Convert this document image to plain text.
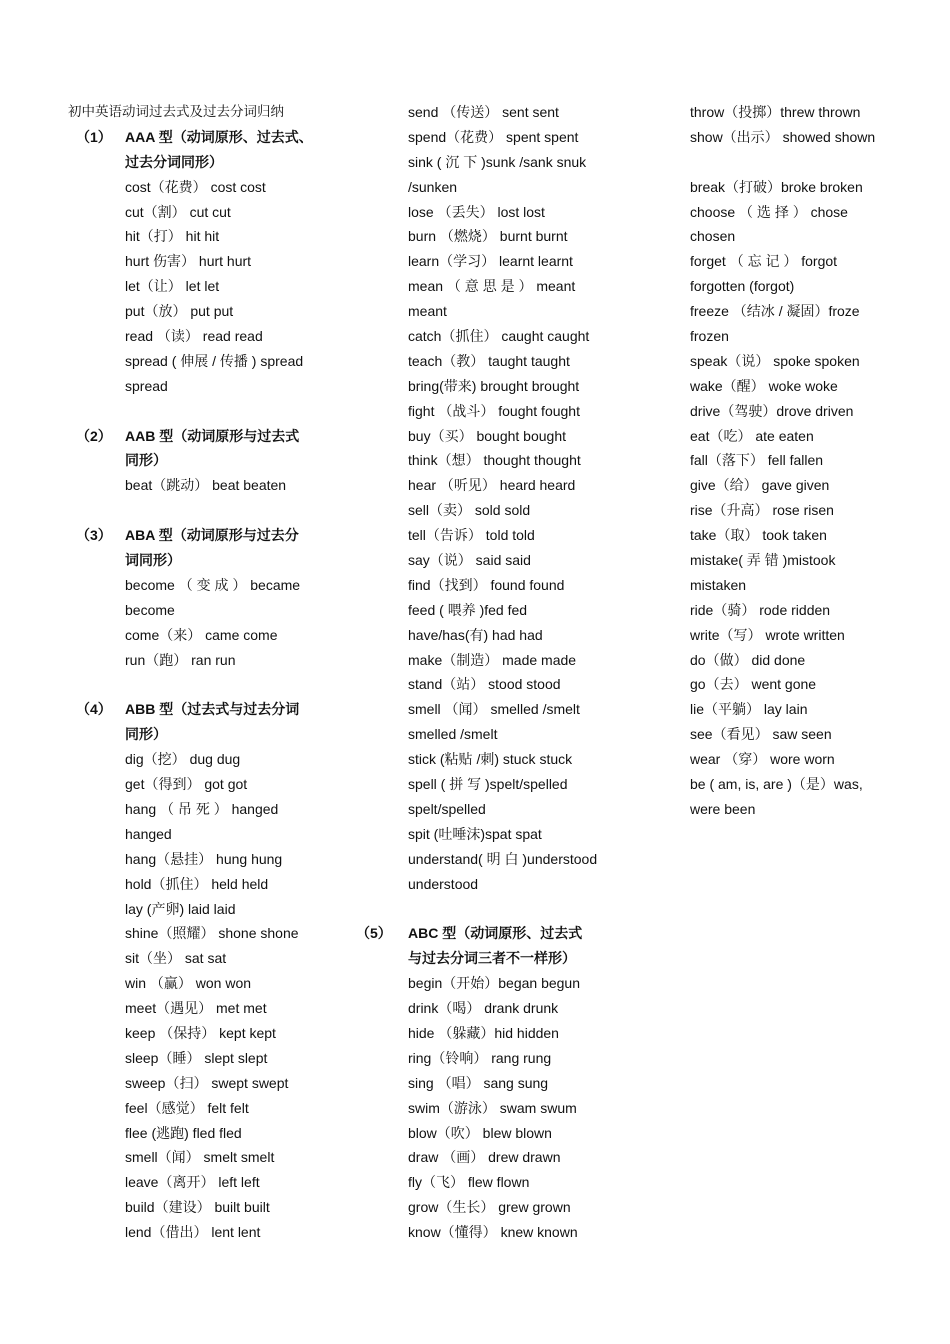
初中英语动词过去式及过去分词归纳
（1） AAA 型（动词原形、过去式、
过去分词同形）
cost（花费） cost cost
cut（割） cut cut
hit（打） hit hit
hurt 伤害） hurt hurt
let（让） let let
put（放） put put
read （读） read read
spread ( 伸展 / 传播 ) spread
spread
（2） AAB 型（动词原形与过去式
同形）
beat（跳动） beat beaten
（3） ABA 型（动词原形与过去分
词同形）
become （ 变 成 ） became
become
come（来） came come
run（跑） ran run
（4） ABB 型（过去式与过去分词
同形）
dig（挖） dug dug
get（得到） got got
hang （ 吊 死 ） hanged
hanged
hang（悬挂） hung hung
hold（抓住） held held
lay (产卵) laid laid
shine（照耀） shone shone
sit（坐） sat sat
win （赢） won won
meet（遇见） met met
keep （保持） kept kept
sleep（睡） slept slept
sweep（扫） swept swept
feel（感觉） felt felt
flee (逃跑) fled fled
smell（闻） smelt smelt
leave（离开） left left
build（建设） built built
lend（借出） lent lent
send （传送） sent sent
spend（花费） spent spent
sink ( 沉 下 )sunk /sank snuk
/sunken
lose （丢失） lost lost
burn （燃烧） burnt burnt
learn（学习） learnt learnt
mean （ 意 思 是 ） meant
meant
catch（抓住） caught caught
teach（教） taught taught
bring(带来) brought brought
fight （战斗） fought fought
buy（买） bought bought
think（想） thought thought
hear （听见） heard heard
sell（卖） sold sold
tell（告诉） told told
say（说） said said
find（找到） found found
feed ( 喂养 )fed fed
have/has(有) had had
make（制造） made made
stand（站） stood stood
smell （闻） smelled /smelt
smelled /smelt
stick (粘贴 /刺) stuck stuck
spell ( 拼 写 )spelt/spelled
spelt/spelled
spit (吐唾沫)spat spat
understand( 明 白 )understood
understood
（5） ABC 型（动词原形、过去式
与过去分词三者不一样形）
begin（开始）began begun
drink（喝） drank drunk
hide （躲藏）hid hidden
ring（铃响） rang rung
sing （唱） sang sung
swim（游泳） swam swum
blow（吹） blew blown
draw （画） drew drawn
fly（飞） flew flown
grow（生长） grew grown
know（懂得） knew known
throw（投掷）threw thrown
show（出示） showed shown
break（打破）broke broken
choose （ 选 择 ） chose
chosen
forget （ 忘 记 ） forgot
forgotten (forgot)
freeze （结冰 / 凝固）froze
frozen
speak（说） spoke spoken
wake（醒） woke woke
drive（驾驶）drove driven
eat（吃） ate eaten
fall（落下） fell fallen
give（给） gave given
rise（升高） rose risen
take（取） took taken
mistake( 弄 错 )mistook
mistaken
ride（骑） rode ridden
write（写） wrote written
do（做） did done
go（去） went gone
lie（平躺） lay lain
see（看见） saw seen
wear （穿） wore worn
be ( am, is, are )（是）was,
were been
